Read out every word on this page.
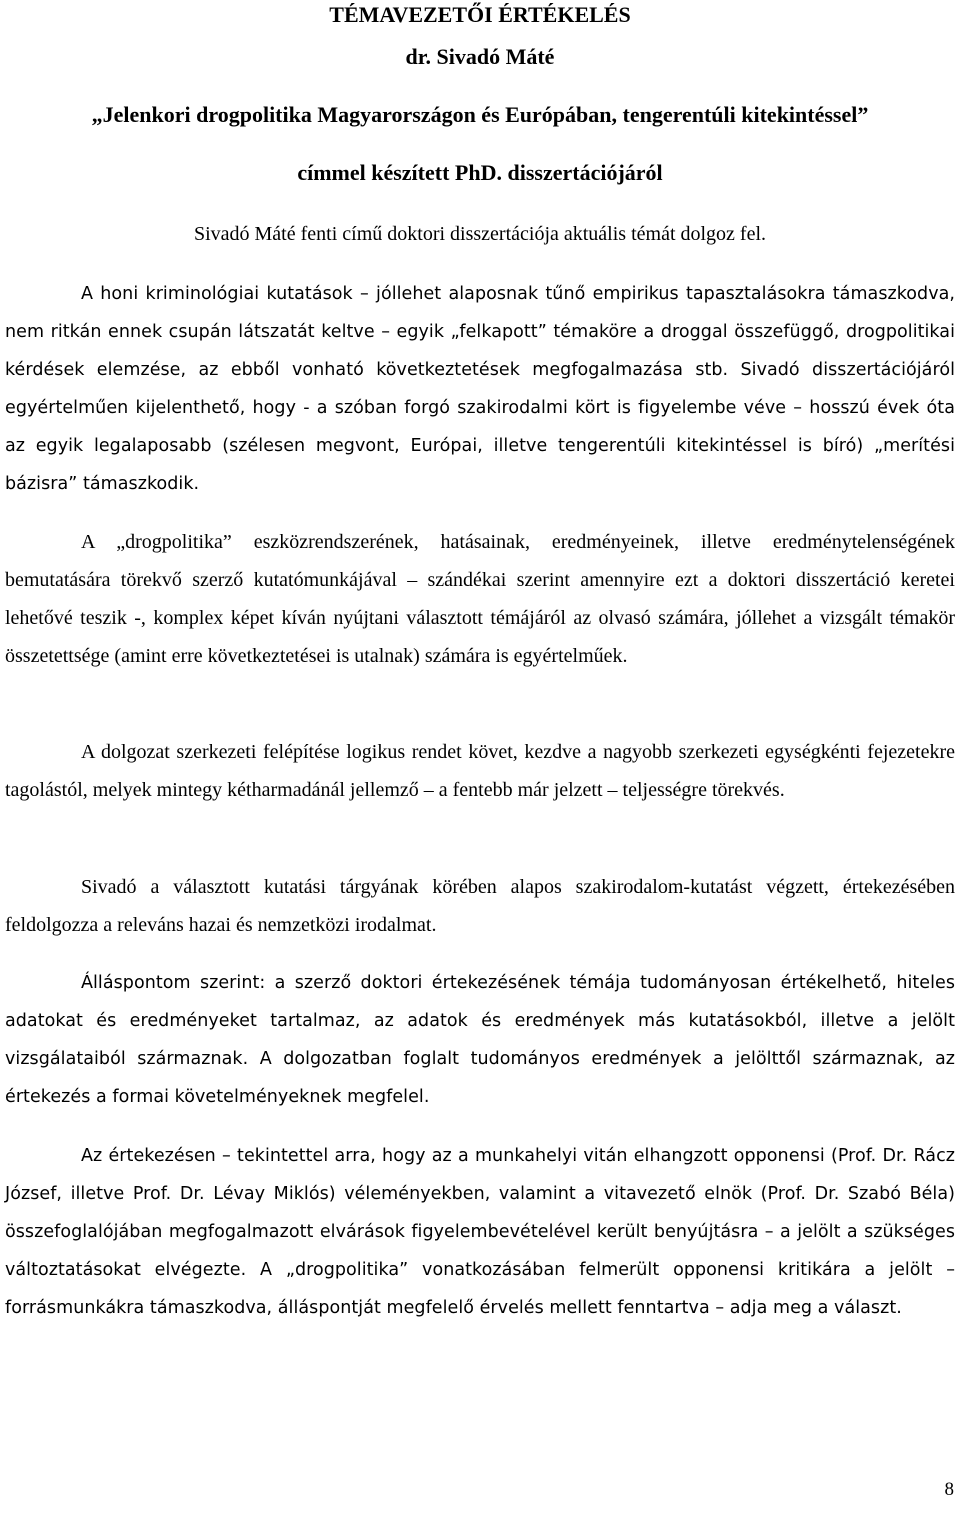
TÉMAVEZETŐI ÉRTÉKELÉS

dr. Sivadó Máté

„Jelenkori drogpolitika Magyarországon és Európában, tengerentúli kitekintéssel”

címmel készített PhD. disszertációjáról

Sivadó Máté fenti című doktori disszertációja aktuális témát dolgoz fel.

A honi kriminológiai kutatások – jóllehet alaposnak tűnő empirikus tapasztalásokra támaszkodva, nem ritkán ennek csupán látszatát keltve – egyik „felkapott” témaköre a droggal összefüggő, drogpolitikai kérdések elemzése, az ebből vonható következtetések megfogalmazása stb. Sivadó disszertációjáról egyértelműen kijelenthető, hogy - a szóban forgó szakirodalmi kört is figyelembe véve – hosszú évek óta az egyik legalaposabb (szélesen megvont, Európai, illetve tengerentúli kitekintéssel is bíró) „merítési bázisra” támaszkodik.

A „drogpolitika” eszközrendszerének, hatásainak, eredményeinek, illetve eredménytelenségének bemutatására törekvő szerző kutatómunkájával – szándékai szerint amennyire ezt a doktori disszertáció keretei lehetővé teszik -, komplex képet kíván nyújtani választott témájáról az olvasó számára, jóllehet a vizsgált témakör összetettsége (amint erre következtetései is utalnak) számára is egyértelműek.

A dolgozat szerkezeti felépítése logikus rendet követ, kezdve a nagyobb szerkezeti egységkénti fejezetekre tagolástól, melyek mintegy kétharmadánál jellemző – a fentebb már jelzett – teljességre törekvés.

Sivadó a választott kutatási tárgyának körében alapos szakirodalom-kutatást végzett, értekezésében feldolgozza a releváns hazai és nemzetközi irodalmat.

Álláspontom szerint: a szerző doktori értekezésének témája tudományosan értékelhető, hiteles adatokat és eredményeket tartalmaz, az adatok és eredmények más kutatásokból, illetve a jelölt vizsgálataiból származnak. A dolgozatban foglalt tudományos eredmények a jelölttől származnak, az értekezés a formai követelményeknek megfelel.

Az értekezésen – tekintettel arra, hogy az a munkahelyi vitán elhangzott opponensi (Prof. Dr. Rácz József, illetve Prof. Dr. Lévay Miklós) véleményekben, valamint a vitavezető elnök (Prof. Dr. Szabó Béla) összefoglalójában megfogalmazott elvárások figyelembevételével került benyújtásra – a jelölt a szükséges változtatásokat elvégezte. A „drogpolitika” vonatkozásában felmerült opponensi kritikára a jelölt – forrásmunkákra támaszkodva, álláspontját megfelelő érvelés mellett fenntartva – adja meg a választ.

8
